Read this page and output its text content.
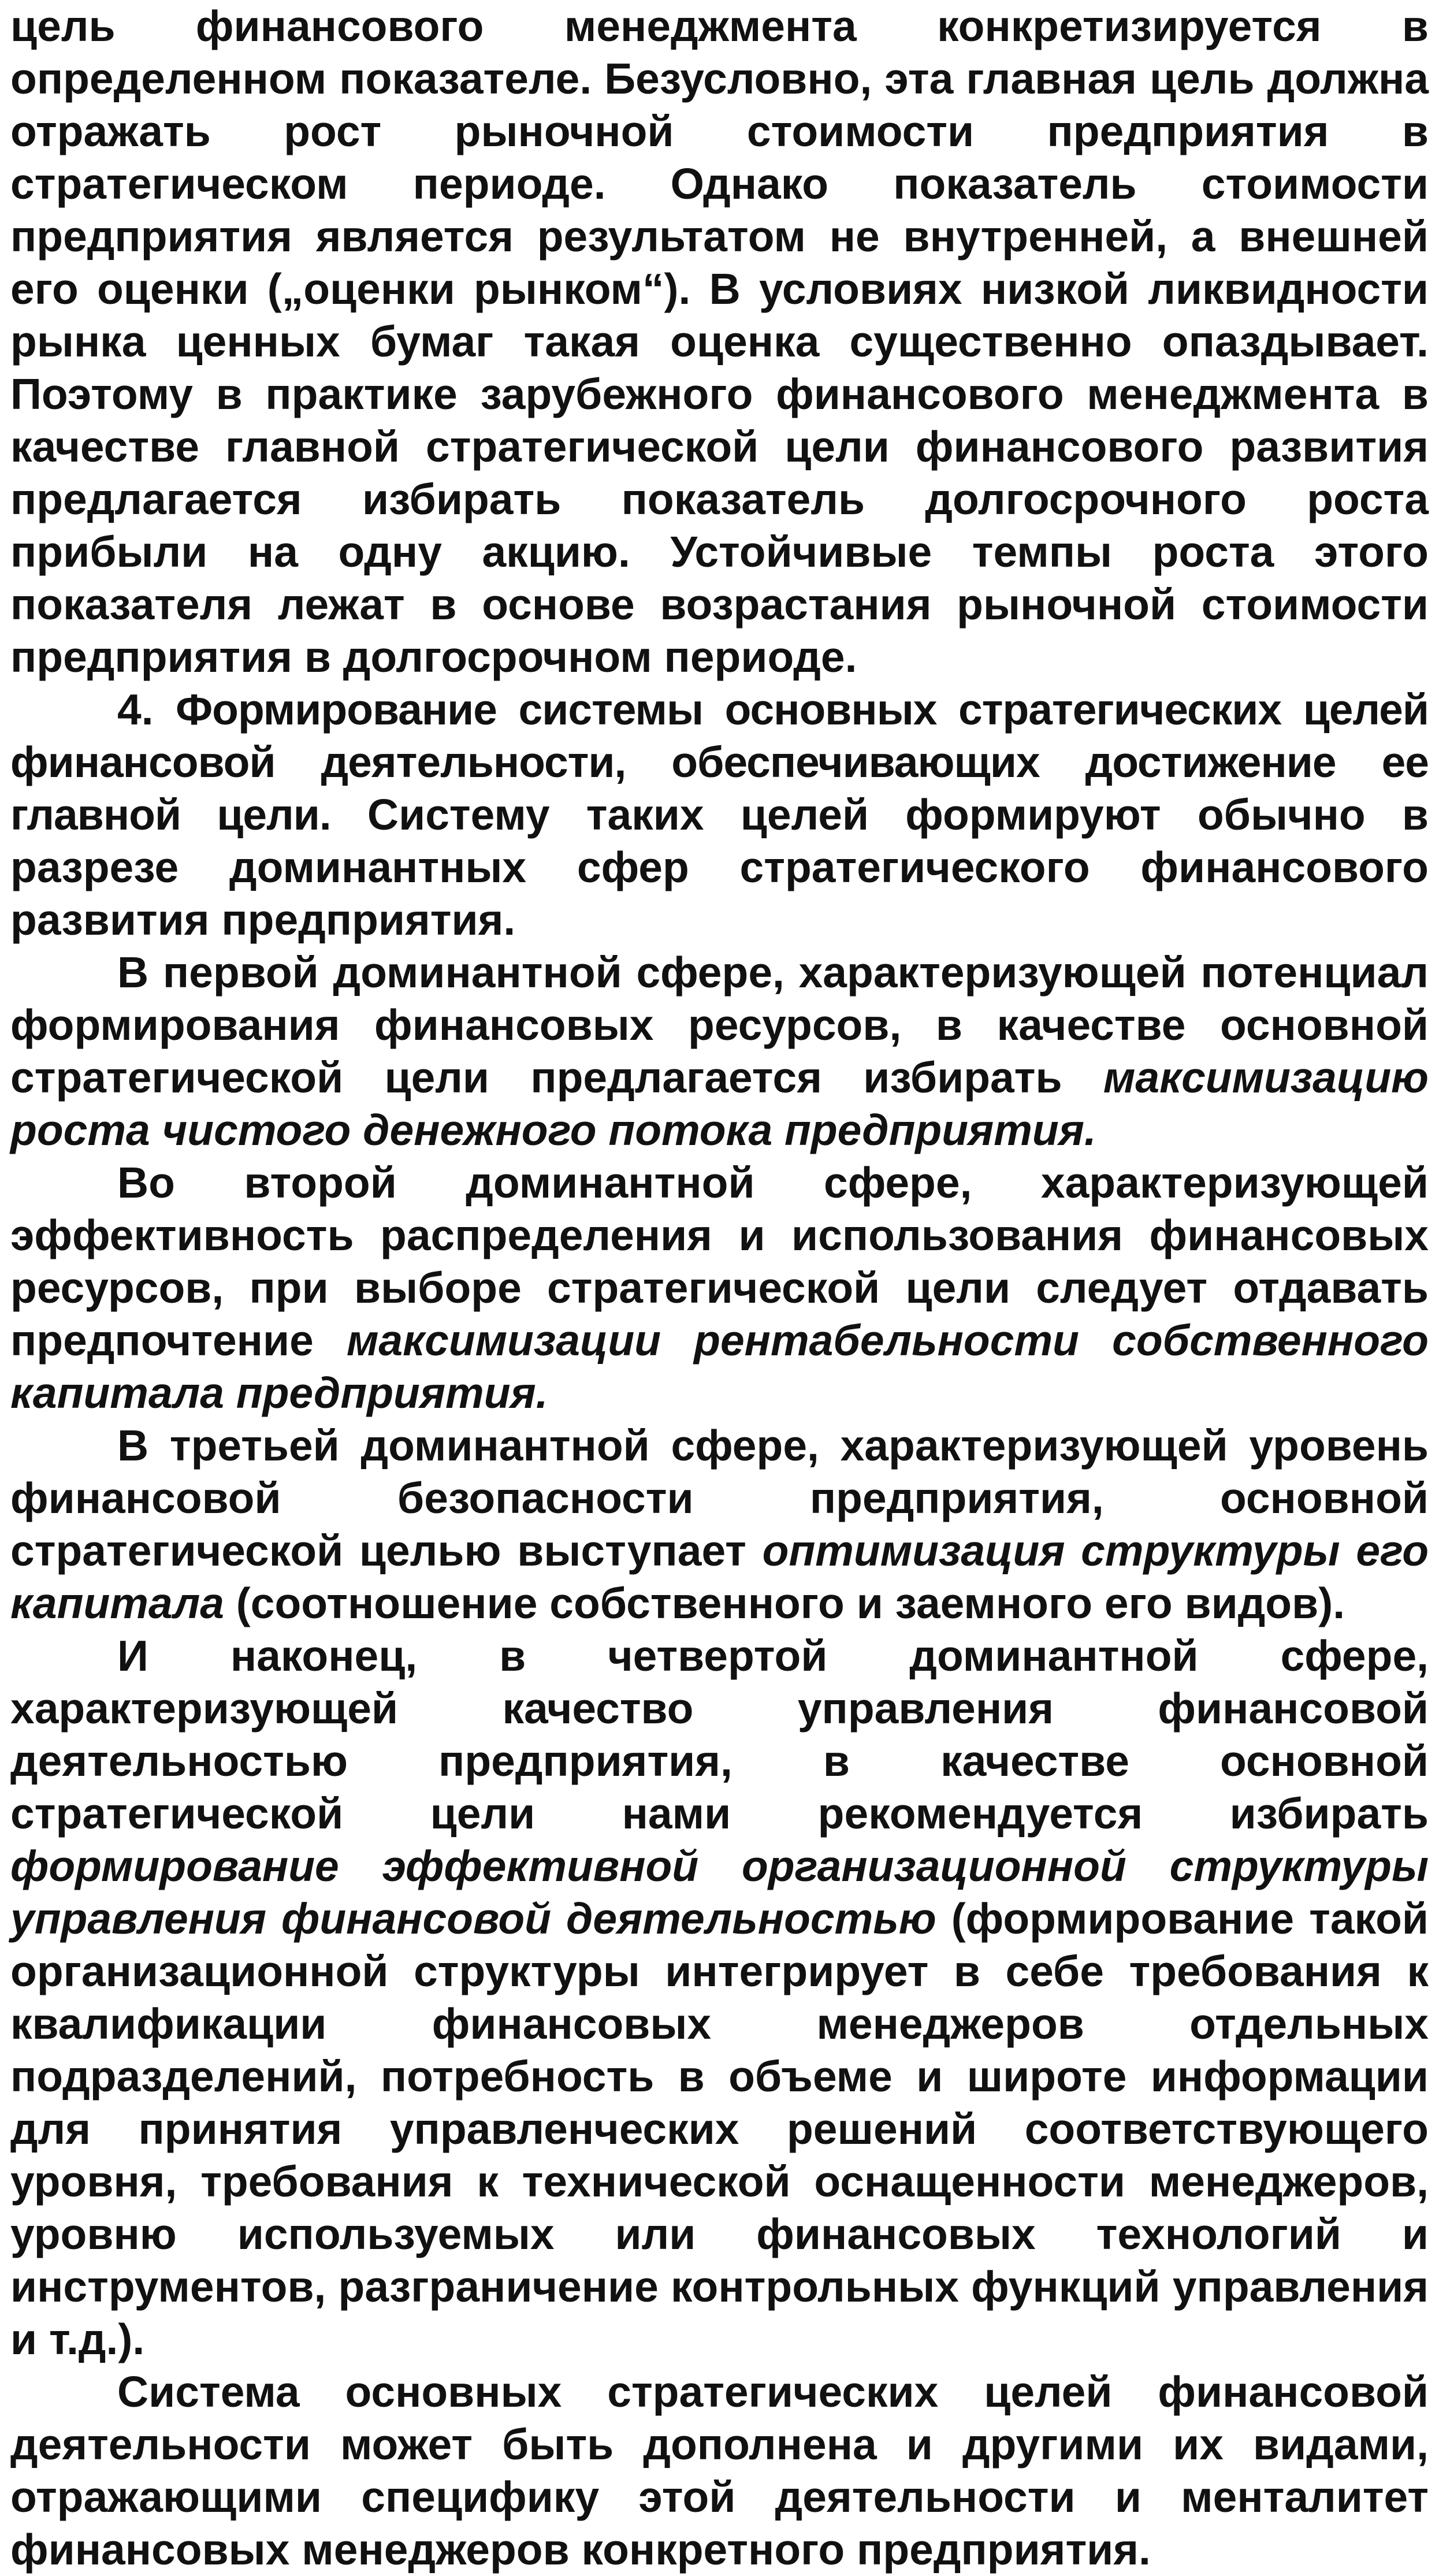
цель финансового менеджмента конкретизируется в определенном показателе. Безусловно, эта главная цель должна отражать рост рыночной стоимости предприятия в стратегическом периоде. Однако показатель стоимости предприятия является результатом не внутренней, а внешней его оценки („оценки рынком“). В условиях низкой ликвидности рынка ценных бумаг такая оценка существенно опаздывает. Поэтому в практике зарубежного финансового менеджмента в качестве главной стратегической цели финансового развития предлагается избирать показатель долгосрочного роста прибыли на одну акцию. Устойчивые темпы роста этого показателя лежат в основе возрастания рыночной стоимости предприятия в долгосрочном периоде.

4. Формирование системы основных стратегических целей финансовой деятельности, обеспечивающих достижение ее главной цели. Систему таких целей формируют обычно в разрезе доминантных сфер стратегического финансового развития предприятия.

В первой доминантной сфере, характеризующей потенциал формирования финансовых ресурсов, в качестве основной стратегической цели предлагается избирать максимизацию роста чистого денежного потока предприятия.

Во второй доминантной сфере, характеризующей эффективность распределения и использования финансовых ресурсов, при выборе стратегической цели следует отдавать предпочтение максимизации рентабельности собственного капитала предприятия.

В третьей доминантной сфере, характеризующей уровень финансовой безопасности предприятия, основной стратегической целью выступает оптимизация структуры его капитала (соотношение собственного и заемного его видов).

И наконец, в четвертой доминантной сфере, характеризующей качество управления финансовой деятельностью предприятия, в качестве основной стратегической цели нами рекомендуется избирать формирование эффективной организационной структуры управления финансовой деятельностью (формирование такой организационной структуры интегрирует в себе требования к квалификации финансовых менеджеров отдельных подразделений, потребность в объеме и широте информации для принятия управленческих решений соответствующего уровня, требования к технической оснащенности менеджеров, уровню используемых или финансовых технологий и инструментов, разграничение контрольных функций управления и т.д.).

Система основных стратегических целей финансовой деятельности может быть дополнена и другими их видами, отражающими специфику этой деятельности и менталитет финансовых менеджеров конкретного предприятия.
